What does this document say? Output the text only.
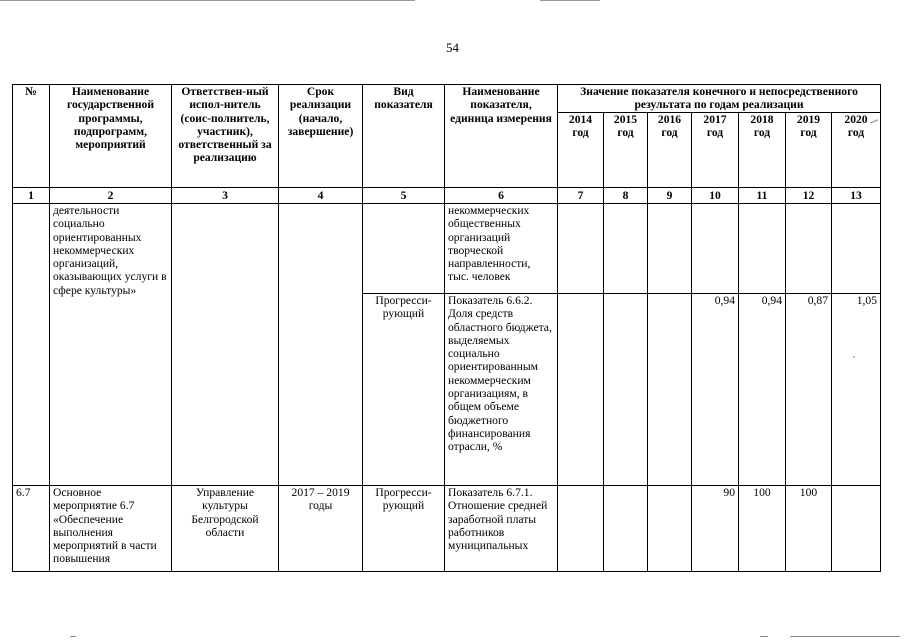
54
№	Наименование государственной программы, подпрограмм, мероприятий	Ответствен-ный испол-нитель (соис-полнитель, участник), ответственный за реализацию	Срок реализации (начало, завершение)	Вид показателя	Наименование показателя, единица измерения	Значение показателя конечного и непосредственного результата по годам реализации						
						2014 год	2015 год	2016 год	2017 год	2018 год	2019 год	2020 год
1	2	3	4	5	6	7	8	9	10	11	12	13
	деятельности социально ориентированных некоммерческих организаций, оказывающих услуги в сфере культуры»				некоммерческих общественных организаций творческой направленности, тыс. человек							
				Прогресси-рующий	Показатель 6.6.2. Доля средств областного бюджета, выделяемых социально ориентированным некоммерческим организациям, в общем объеме бюджетного финансирования отрасли, %				0,94	0,94	0,87	1,05
6.7	Основное мероприятие 6.7 «Обеспечение выполнения мероприятий в части повышения	Управление культуры Белгородской области	2017 – 2019 годы	Прогресси-рующий	Показатель 6.7.1. Отношение средней заработной платы работников муниципальных				90	100	100	
